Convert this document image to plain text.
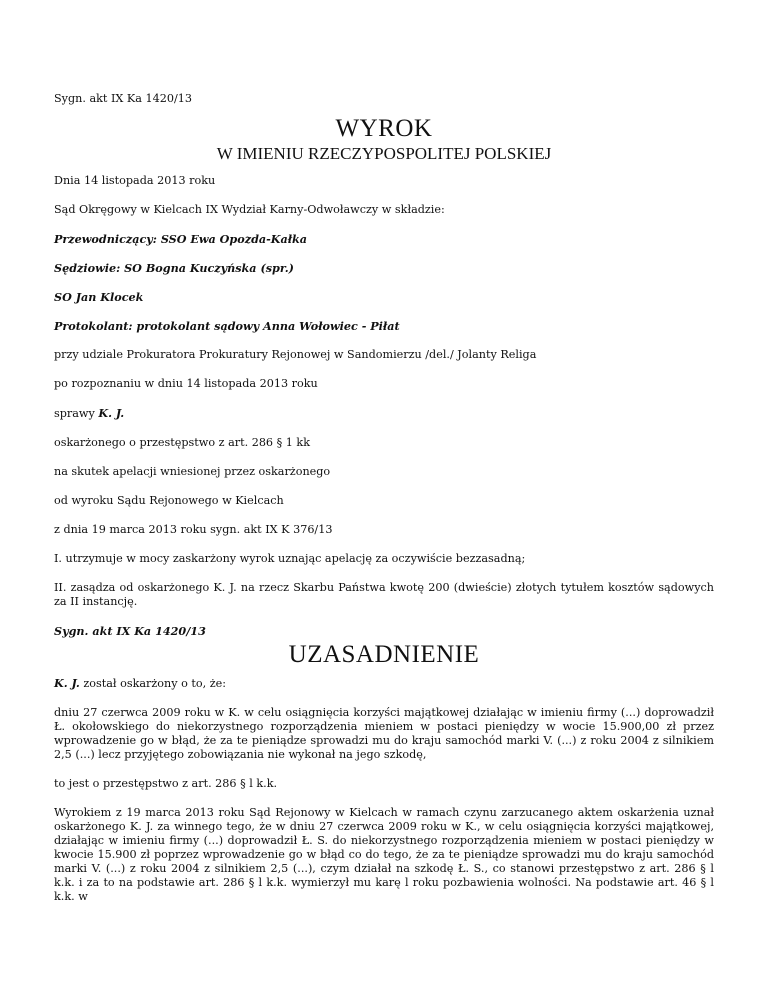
Sygn. akt IX Ka 1420/13

WYROK

W IMIENIU RZECZYPOSPOLITEJ POLSKIEJ

Dnia 14 listopada 2013 roku

Sąd Okręgowy w Kielcach IX Wydział Karny-Odwoławczy w składzie:

Przewodniczący: SSO Ewa Opozda-Kałka

Sędziowie: SO Bogna Kuczyńska (spr.)

SO Jan Klocek

Protokolant: protokolant sądowy Anna Wołowiec - Piłat

przy udziale Prokuratora Prokuratury Rejonowej w Sandomierzu /del./ Jolanty Religa

po rozpoznaniu w dniu 14 listopada 2013 roku

sprawy K. J.

oskarżonego o przestępstwo z art. 286 § 1 kk

na skutek apelacji wniesionej przez oskarżonego

od wyroku Sądu Rejonowego w Kielcach

z dnia 19 marca 2013 roku sygn. akt IX K 376/13

I. utrzymuje w mocy zaskarżony wyrok uznając apelację za oczywiście bezzasadną;

II. zasądza od oskarżonego K. J. na rzecz Skarbu Państwa kwotę 200 (dwieście) złotych tytułem kosztów sądowych za II instancję.

Sygn. akt IX Ka 1420/13

UZASADNIENIE

K. J. został oskarżony o to, że:

dniu 27 czerwca 2009 roku w K. w celu osiągnięcia korzyści majątkowej działając w imieniu firmy (...) doprowadził Ł. okołowskiego do niekorzystnego rozporządzenia mieniem w postaci pieniędzy w wocie 15.900,00 zł przez wprowadzenie go w błąd, że za te pieniądze sprowadzi mu do kraju samochód marki V. (...) z roku 2004 z silnikiem 2,5 (...) lecz przyjętego zobowiązania nie wykonał na jego szkodę,

to jest o przestępstwo z art. 286 § l k.k.

Wyrokiem z 19 marca 2013 roku Sąd Rejonowy w Kielcach w ramach czynu zarzucanego aktem oskarżenia uznał oskarżonego K. J. za winnego tego, że w dniu 27 czerwca 2009 roku w K., w celu osiągnięcia korzyści majątkowej, działając w imieniu firmy (...) doprowadził Ł. S. do niekorzystnego rozporządzenia mieniem w postaci pieniędzy w kwocie 15.900 zł poprzez wprowadzenie go w błąd co do tego, że za te pieniądze sprowadzi mu do kraju samochód marki V. (...) z roku 2004 z silnikiem 2,5 (...), czym działał na szkodę Ł. S., co stanowi przestępstwo z art. 286 § l k.k. i za to na podstawie art. 286 § l k.k. wymierzył mu karę l roku pozbawienia wolności. Na podstawie art. 46 § l k.k. w
